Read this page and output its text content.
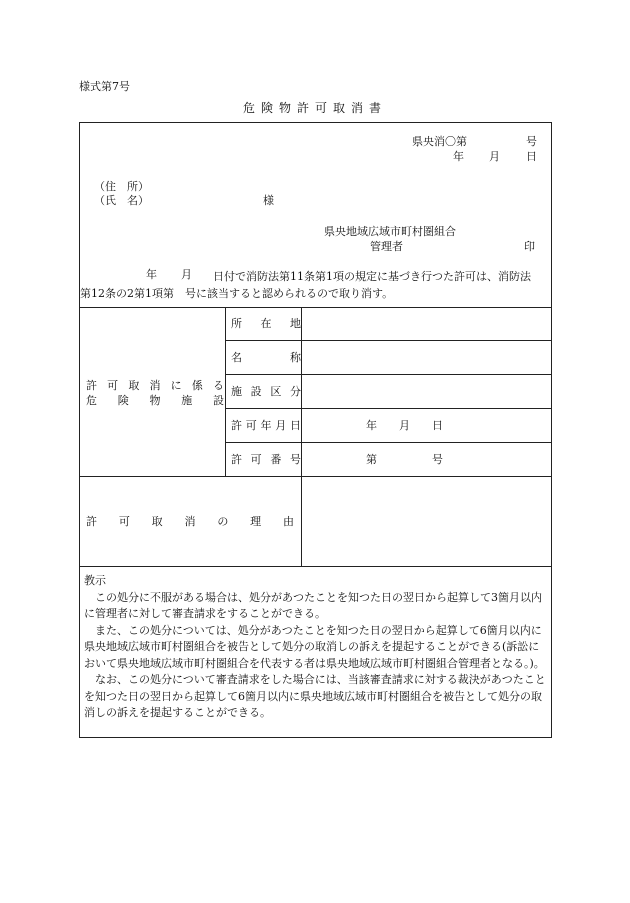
様式第7号
危険物許可取消書
県央消〇第	号
年 月 日
（住　所）
（氏　名）	様
県央地域広域市町村圏組合
管理者	印
年 月	日付で消防法第11条第1項の規定に基づき行つた許可は、消防法第12条の2第1項第　号に該当すると認められるので取り消す。
許可取消に係る
危険物施設
所在地
名称
施設区分
許可年月日	年　　月　　日
許可番号	第　　　　　号
許可取消の理由
教示

この処分に不服がある場合は、処分があつたことを知つた日の翌日から起算して3箇月以内に管理者に対して審査請求をすることができる。

また、この処分については、処分があつたことを知つた日の翌日から起算して6箇月以内に県央地域広域市町村圏組合を被告として処分の取消しの訴えを提起することができる(訴訟において県央地域広域市町村圏組合を代表する者は県央地域広域市町村圏組合管理者となる。)。

なお、この処分について審査請求をした場合には、当該審査請求に対する裁決があつたことを知つた日の翌日から起算して6箇月以内に県央地域広域市町村圏組合を被告として処分の取消しの訴えを提起することができる。
